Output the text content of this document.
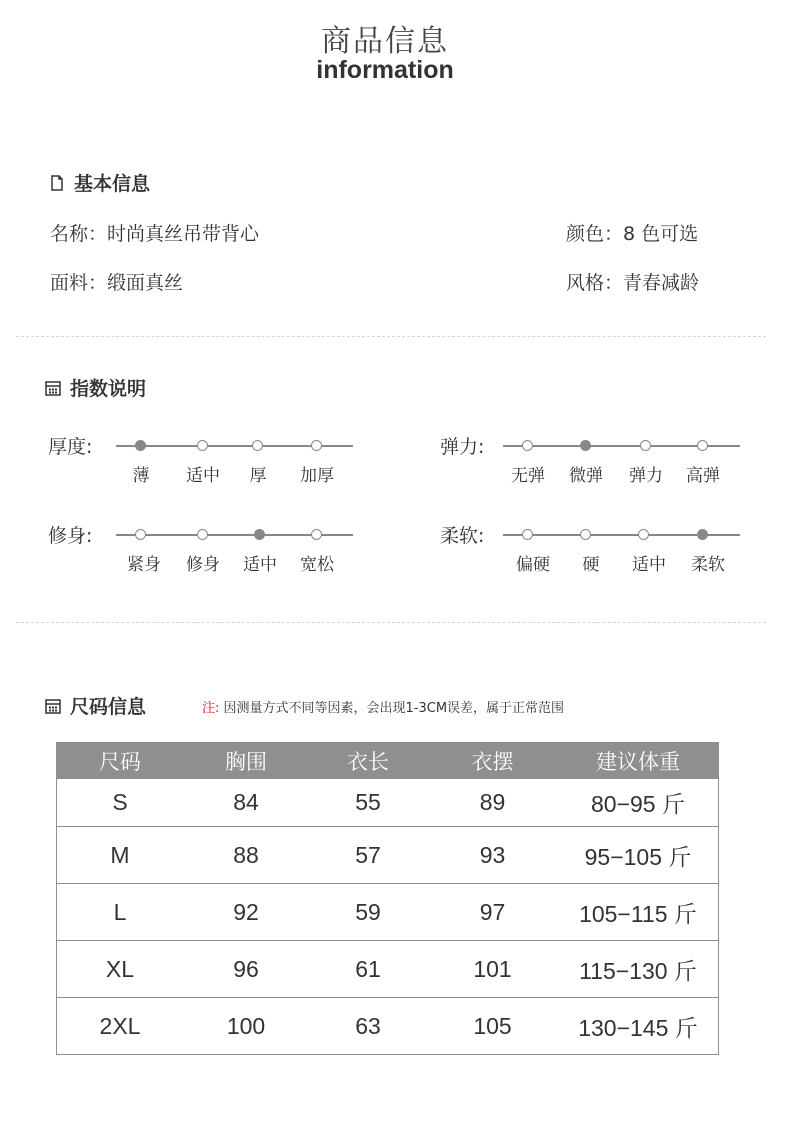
商品信息
information
基本信息
名称：时尚真丝吊带背心	颜色：8 色可选
面料：缎面真丝	风格：青春减龄
指数说明
厚度:
薄	适中	厚	加厚
弹力:
无弹	微弹	弹力	高弹
修身:
紧身	修身	适中	宽松
柔软:
偏硬	硬	适中	柔软
尺码信息	注: 因测量方式不同等因素，会出现1-3CM误差，属于正常范围
尺码	胸围	衣长	衣摆	建议体重
S	84	55	89	80−95 斤
M	88	57	93	95−105 斤
L	92	59	97	105−115 斤
XL	96	61	101	115−130 斤
2XL	100	63	105	130−145 斤
